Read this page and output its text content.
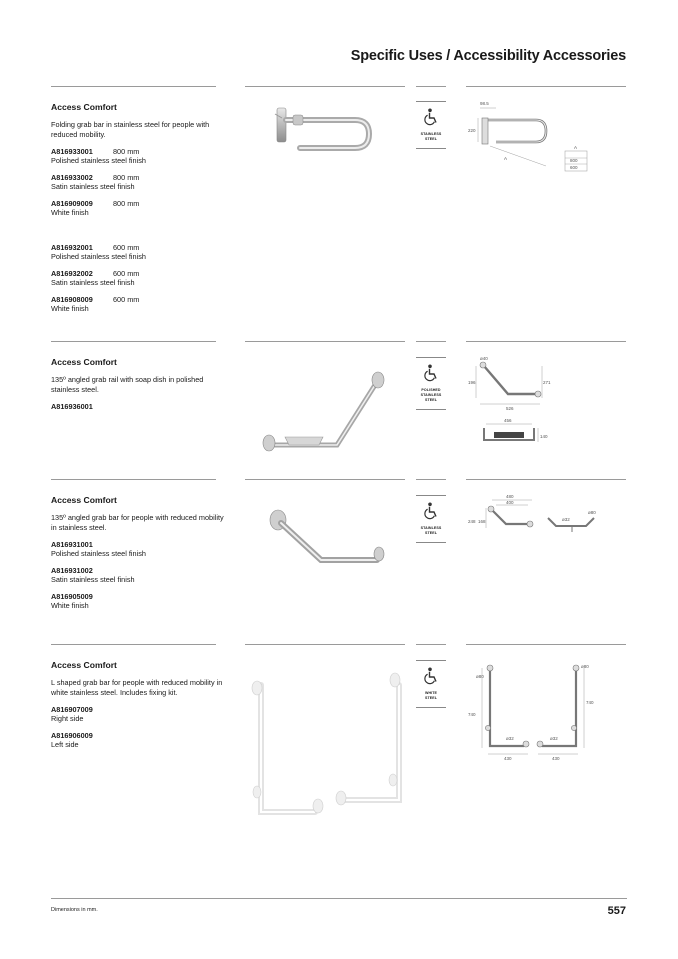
Specific Uses / Accessibility Accessories
Access Comfort
Folding grab bar in stainless steel for people with reduced mobility.
A816933001	800 mm
Polished stainless steel finish
A816933002	800 mm
Satin stainless steel finish
A816909009	800 mm
White finish
A816932001	600 mm
Polished stainless steel finish
A816932002	600 mm
Satin stainless steel finish
A816908009	600 mm
White finish
STAINLESS
STEEL
98.5
220
A
A
800
600
Access Comfort
135º angled grab rail with soap dish in polished stainless steel.
A816936001
POLISHED
STAINLESS
STEEL
ø40
196	271
526
456
140
Access Comfort
135º angled grab bar for people with reduced mobility in stainless steel.
A816931001
Polished stainless steel finish
A816931002
Satin stainless steel finish
A816905009
White finish
STAINLESS
STEEL
480
400
248 168	ø32
ø80
Access Comfort
L shaped grab bar for people with reduced mobility in white stainless steel. Includes fixing kit.
A816907009
Right side
A816906009
Left side
WHITE
STEEL
ø80
740
ø32
430
ø80
740
ø32
430
Dimensions in mm.	557
